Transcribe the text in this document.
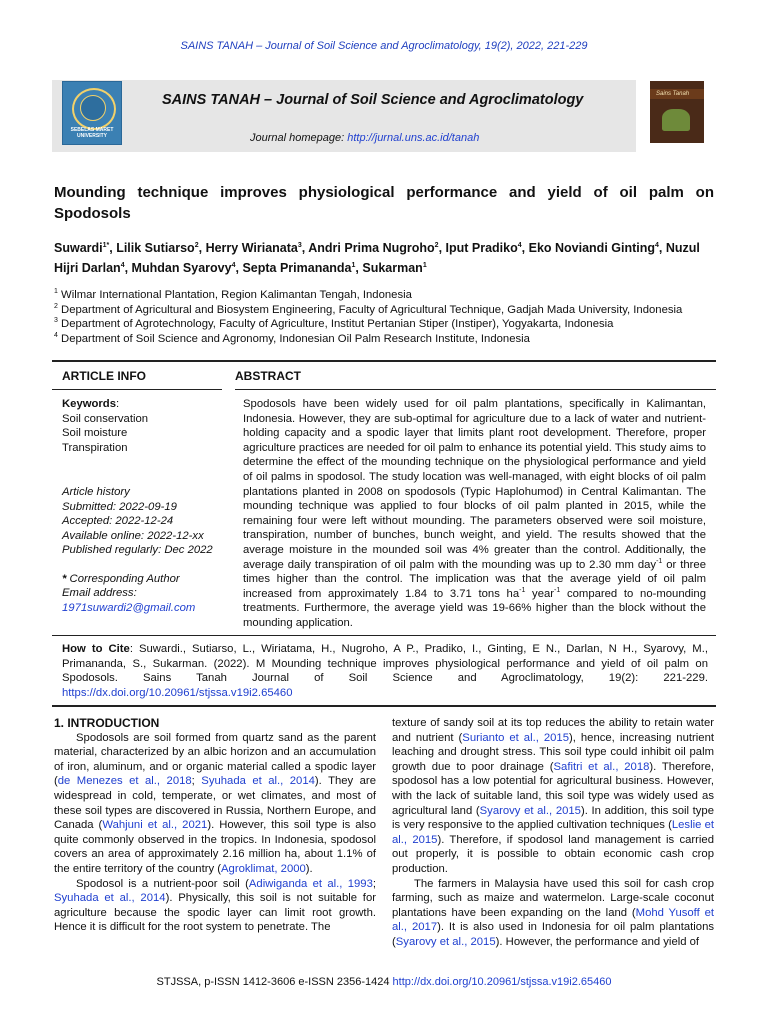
SAINS TANAH – Journal of Soil Science and Agroclimatology, 19(2), 2022, 221-229
SEBELAS MARET UNIVERSITY
SAINS TANAH – Journal of Soil Science and Agroclimatology
Journal homepage: http://jurnal.uns.ac.id/tanah
Sains Tanah
Mounding technique improves physiological performance and yield of oil palm on Spodosols
Suwardi$^{1*}$, Lilik Sutiarso$^2$, Herry Wirianata$^3$, Andri Prima Nugroho$^2$, Iput Pradiko$^4$, Eko Noviandi Ginting$^4$, Nuzul Hijri Darlan$^4$, Muhdan Syarovy$^4$, Septa Primananda$^1$, Sukarman$^1$
$^1$ Wilmar International Plantation, Region Kalimantan Tengah, Indonesia
$^2$ Department of Agricultural and Biosystem Engineering, Faculty of Agricultural Technique, Gadjah Mada University, Indonesia
$^3$ Department of Agrotechnology, Faculty of Agriculture, Institut Pertanian Stiper (Instiper), Yogyakarta, Indonesia
$^4$ Department of Soil Science and Agronomy, Indonesian Oil Palm Research Institute, Indonesia
ARTICLE INFO	ABSTRACT
Keywords:
Soil conservation
Soil moisture
Transpiration
Article history
Submitted: 2022-09-19
Accepted: 2022-12-24
Available online: 2022-12-xx
Published regularly: Dec 2022
* Corresponding Author
Email address:
1971suwardi2@gmail.com
Spodosols have been widely used for oil palm plantations, specifically in Kalimantan, Indonesia. However, they are sub-optimal for agriculture due to a lack of water and nutrient-holding capacity and a spodic layer that limits plant root development. Therefore, proper agriculture practices are needed for oil palm to enhance its potential yield. This study aims to determine the effect of the mounding technique on the physiological performance and yield of oil palms in spodosol. The study location was well-managed, with eight blocks of oil palm plantations planted in 2008 on spodosols (Typic Haplohumod) in Central Kalimantan. The mounding technique was applied to four blocks of oil palm planted in 2015, while the remaining four were left without mounding. The parameters observed were soil moisture, transpiration, number of bunches, bunch weight, and yield. The results showed that the average moisture in the mounded soil was 4% greater than the control. Additionally, the average daily transpiration of oil palm with the mounding was up to 2.30 mm day$^{-1}$ or three times higher than the control. The implication was that the average yield of oil palm increased from approximately 1.84 to 3.71 tons $ha^{-1}$ year$^{-1}$ compared to no-mounding treatments. Furthermore, the average yield was 19-66% higher than the block without the mounding application.
How to Cite: Suwardi., Sutiarso, L., Wiriatama, H., Nugroho, A P., Pradiko, I., Ginting, E N., Darlan, N H., Syarovy, M., Primananda, S., Sukarman. (2022). M Mounding technique improves physiological performance and yield of oil palm on Spodosols. Sains Tanah Journal of Soil Science and Agroclimatology, 19(2): 221-229. https://dx.doi.org/10.20961/stjssa.v19i2.65460
1. INTRODUCTION

Spodosols are soil formed from quartz sand as the parent material, characterized by an albic horizon and an accumulation of iron, aluminum, and or organic material called a spodic layer (de Menezes et al., 2018; Syuhada et al., 2014). They are widespread in cold, temperate, or wet climates, and most of these soil types are discovered in Russia, Northern Europe, and Canada (Wahjuni et al., 2021). However, this soil type is also quite commonly observed in the tropics. In Indonesia, spodosol covers an area of approximately 2.16 million ha, about 1.1% of the entire territory of the country (Agroklimat, 2000).

Spodosol is a nutrient-poor soil (Adiwiganda et al., 1993; Syuhada et al., 2014). Physically, this soil is not suitable for agriculture because the spodic layer can limit root growth. Hence it is difficult for the root system to penetrate. The

texture of sandy soil at its top reduces the ability to retain water and nutrient (Surianto et al., 2015), hence, increasing nutrient leaching and drought stress. This soil type could inhibit oil palm growth due to poor drainage (Safitri et al., 2018). Therefore, spodosol has a low potential for agricultural business. However, with the lack of suitable land, this soil type was widely used as agricultural land (Syarovy et al., 2015). In addition, this soil type is very responsive to the applied cultivation techniques (Leslie et al., 2015). Therefore, if spodosol land management is carried out properly, it is possible to obtain economic cash crop production.

The farmers in Malaysia have used this soil for cash crop farming, such as maize and watermelon. Large-scale coconut plantations have been expanding on the land (Mohd Yusoff et al., 2017). It is also used in Indonesia for oil palm plantations (Syarovy et al., 2015). However, the performance and yield of

STJSSA, p-ISSN 1412-3606 e-ISSN 2356-1424 http://dx.doi.org/10.20961/stjssa.v19i2.65460
